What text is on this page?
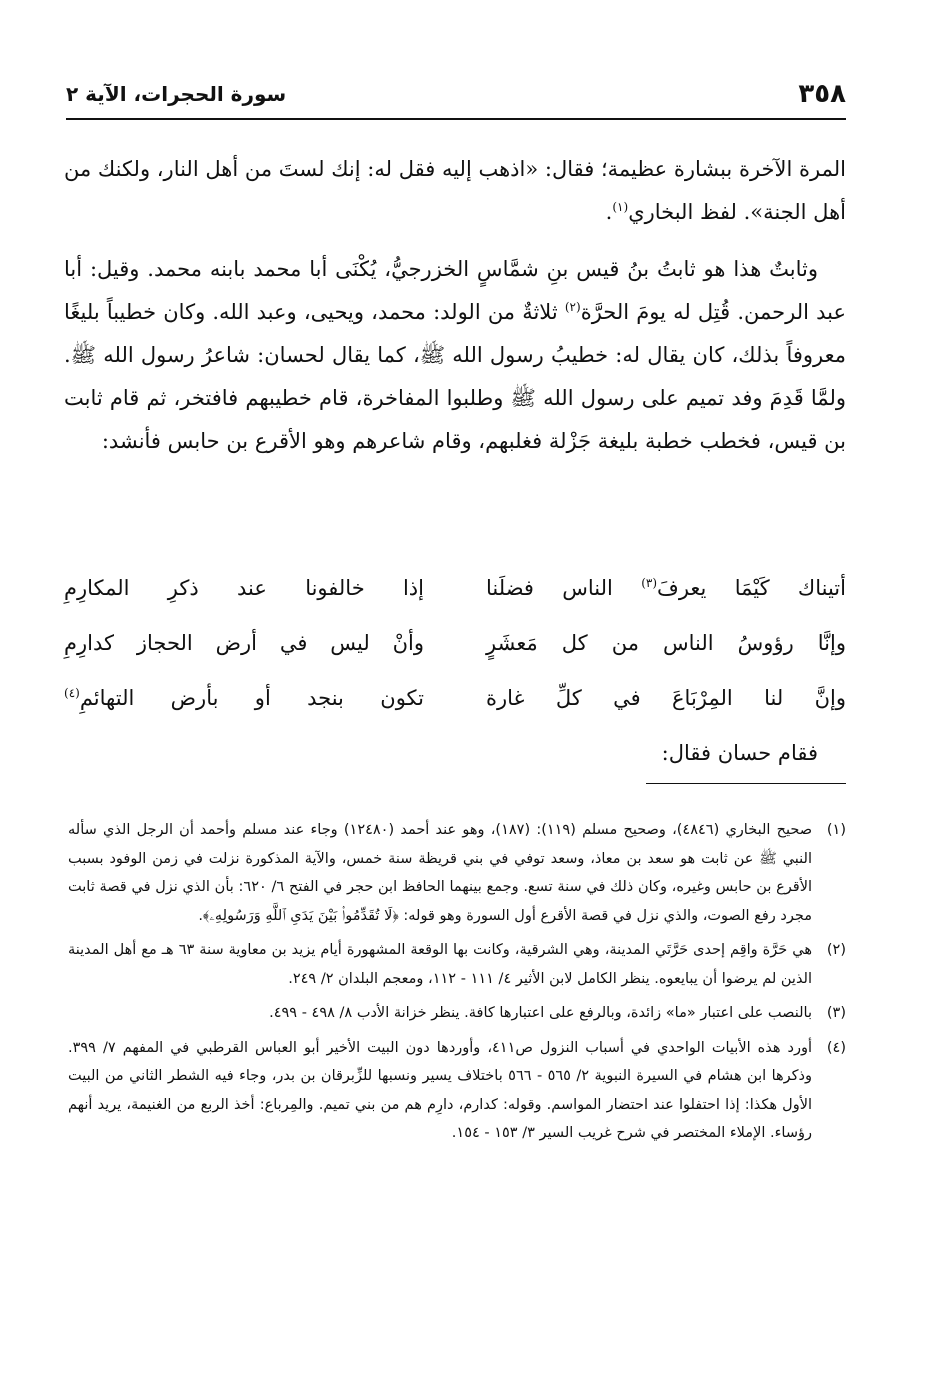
٣٥٨
سورة الحجرات، الآية ٢

المرة الآخرة ببشارة عظيمة؛ فقال: «اذهب إليه فقل له: إنك لستَ من أهل النار، ولكنك من أهل الجنة». لفظ البخاري$^{(١)}$.

وثابتٌ هذا هو ثابتُ بنُ قيس بنِ شمَّاسٍ الخزرجيُّ، يُكْنَى أبا محمد بابنه محمد. وقيل: أبا عبد الرحمن. قُتِل له يومَ الحرَّة$^{(٢)}$ ثلاثةٌ من الولد: محمد، ويحيى، وعبد الله. وكان خطيباً بليغًا معروفاً بذلك، كان يقال له: خطيبُ رسول الله ﷺ، كما يقال لحسان: شاعرُ رسول الله ﷺ. ولمَّا قَدِمَ وفد تميم على رسول الله ﷺ وطلبوا المفاخرة، قام خطيبهم فافتخر، ثم قام ثابت بن قيس، فخطب خطبة بليغة جَزْلة فغلبهم، وقام شاعرهم وهو الأقرع بن حابس فأنشد:

أتيناك كَيْمَا يعرفَ$^{(٣)}$ الناس فضلَنا
إذا خالفونا عند ذكرِ المكارِمِ
وإنَّا رؤوسُ الناس من كل مَعشَرٍ
وأنْ ليس في أرض الحجاز كدارِمِ
وإنَّ لنا المِرْبَاعَ في كلِّ غارة
تكون بنجد أو بأرض التهائمِ$^{(٤)}$
فقام حسان فقال:

(١)
صحيح البخاري (٤٨٤٦)، وصحيح مسلم (١١٩): (١٨٧)، وهو عند أحمد (١٢٤٨٠) وجاء عند مسلم وأحمد أن الرجل الذي سأله النبي ﷺ عن ثابت هو سعد بن معاذ، وسعد توفي في بني قريظة سنة خمس، والآية المذكورة نزلت في زمن الوفود بسبب الأقرع بن حابس وغيره، وكان ذلك في سنة تسع. وجمع بينهما الحافظ ابن حجر في الفتح ٦/ ٦٢٠: بأن الذي نزل في قصة ثابت مجرد رفع الصوت، والذي نزل في قصة الأقرع أول السورة وهو قوله: ﴿لَا تُقَدِّمُوا۟ بَيْنَ يَدَىِ ٱللَّهِ وَرَسُولِهِۦ﴾.

(٢)
هي حَرَّة واقِم إحدى حَرَّتَي المدينة، وهي الشرقية، وكانت بها الوقعة المشهورة أيام يزيد بن معاوية سنة ٦٣ هـ مع أهل المدينة الذين لم يرضوا أن يبايعوه. ينظر الكامل لابن الأثير ٤/ ١١١ - ١١٢، ومعجم البلدان ٢/ ٢٤٩.

(٣)
بالنصب على اعتبار «ما» زائدة، وبالرفع على اعتبارها كافة. ينظر خزانة الأدب ٨/ ٤٩٨ - ٤٩٩.

(٤)
أورد هذه الأبيات الواحدي في أسباب النزول ص٤١١، وأوردها دون البيت الأخير أبو العباس القرطبي في المفهم ٧/ ٣٩٩. وذكرها ابن هشام في السيرة النبوية ٢/ ٥٦٥ - ٥٦٦ باختلاف يسير ونسبها للزِّبرقان بن بدر، وجاء فيه الشطر الثاني من البيت الأول هكذا: إذا احتفلوا عند احتضار المواسم. وقوله: كدارم، دارِم هم من بني تميم. والمِرباع: أخذ الربع من الغنيمة، يريد أنهم رؤساء. الإملاء المختصر في شرح غريب السير ٣/ ١٥٣ - ١٥٤.
